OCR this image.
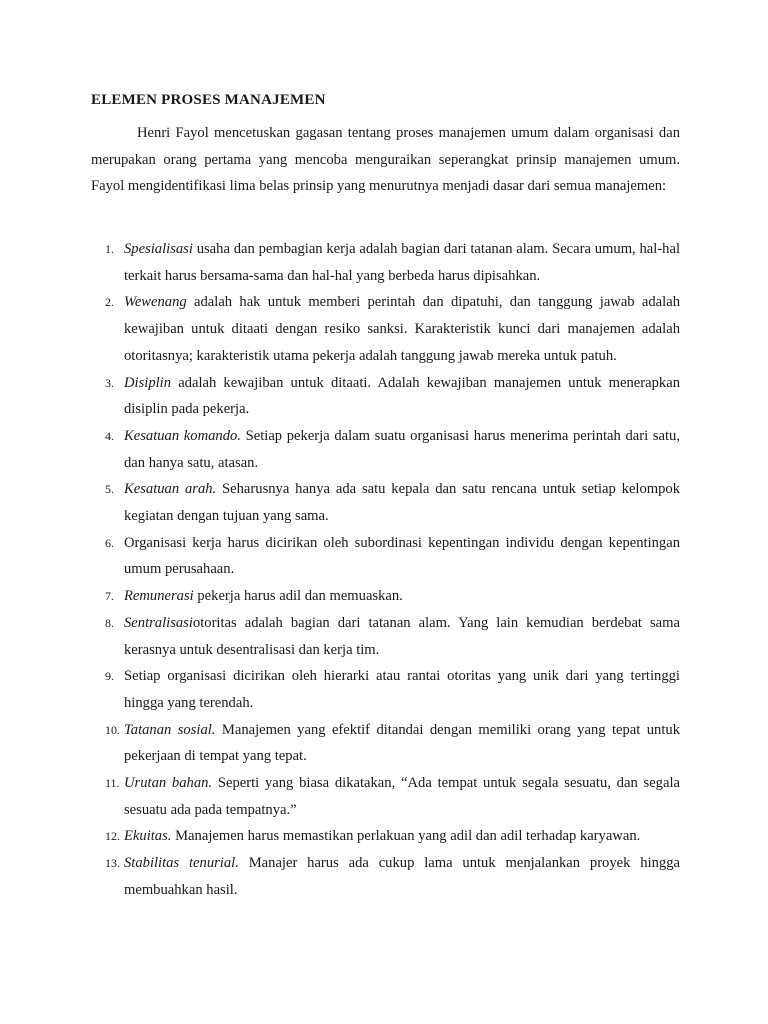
ELEMEN PROSES MANAJEMEN

Henri Fayol mencetuskan gagasan tentang proses manajemen umum dalam organisasi dan merupakan orang pertama yang mencoba menguraikan seperangkat prinsip manajemen umum. Fayol mengidentifikasi lima belas prinsip yang menurutnya menjadi dasar dari semua manajemen:

1. Spesialisasi usaha dan pembagian kerja adalah bagian dari tatanan alam. Secara umum, hal-hal terkait harus bersama-sama dan hal-hal yang berbeda harus dipisahkan.
2. Wewenang adalah hak untuk memberi perintah dan dipatuhi, dan tanggung jawab adalah kewajiban untuk ditaati dengan resiko sanksi. Karakteristik kunci dari manajemen adalah otoritasnya; karakteristik utama pekerja adalah tanggung jawab mereka untuk patuh.
3. Disiplin adalah kewajiban untuk ditaati. Adalah kewajiban manajemen untuk menerapkan disiplin pada pekerja.
4. Kesatuan komando. Setiap pekerja dalam suatu organisasi harus menerima perintah dari satu, dan hanya satu, atasan.
5. Kesatuan arah. Seharusnya hanya ada satu kepala dan satu rencana untuk setiap kelompok kegiatan dengan tujuan yang sama.
6. Organisasi kerja harus dicirikan oleh subordinasi kepentingan individu dengan kepentingan umum perusahaan.
7. Remunerasi pekerja harus adil dan memuaskan.
8. Sentralisasiotoritas adalah bagian dari tatanan alam. Yang lain kemudian berdebat sama kerasnya untuk desentralisasi dan kerja tim.
9. Setiap organisasi dicirikan oleh hierarki atau rantai otoritas yang unik dari yang tertinggi hingga yang terendah.
10. Tatanan sosial. Manajemen yang efektif ditandai dengan memiliki orang yang tepat untuk pekerjaan di tempat yang tepat.
11. Urutan bahan. Seperti yang biasa dikatakan, “Ada tempat untuk segala sesuatu, dan segala sesuatu ada pada tempatnya.”
12. Ekuitas. Manajemen harus memastikan perlakuan yang adil dan adil terhadap karyawan.
13. Stabilitas tenurial. Manajer harus ada cukup lama untuk menjalankan proyek hingga membuahkan hasil.
